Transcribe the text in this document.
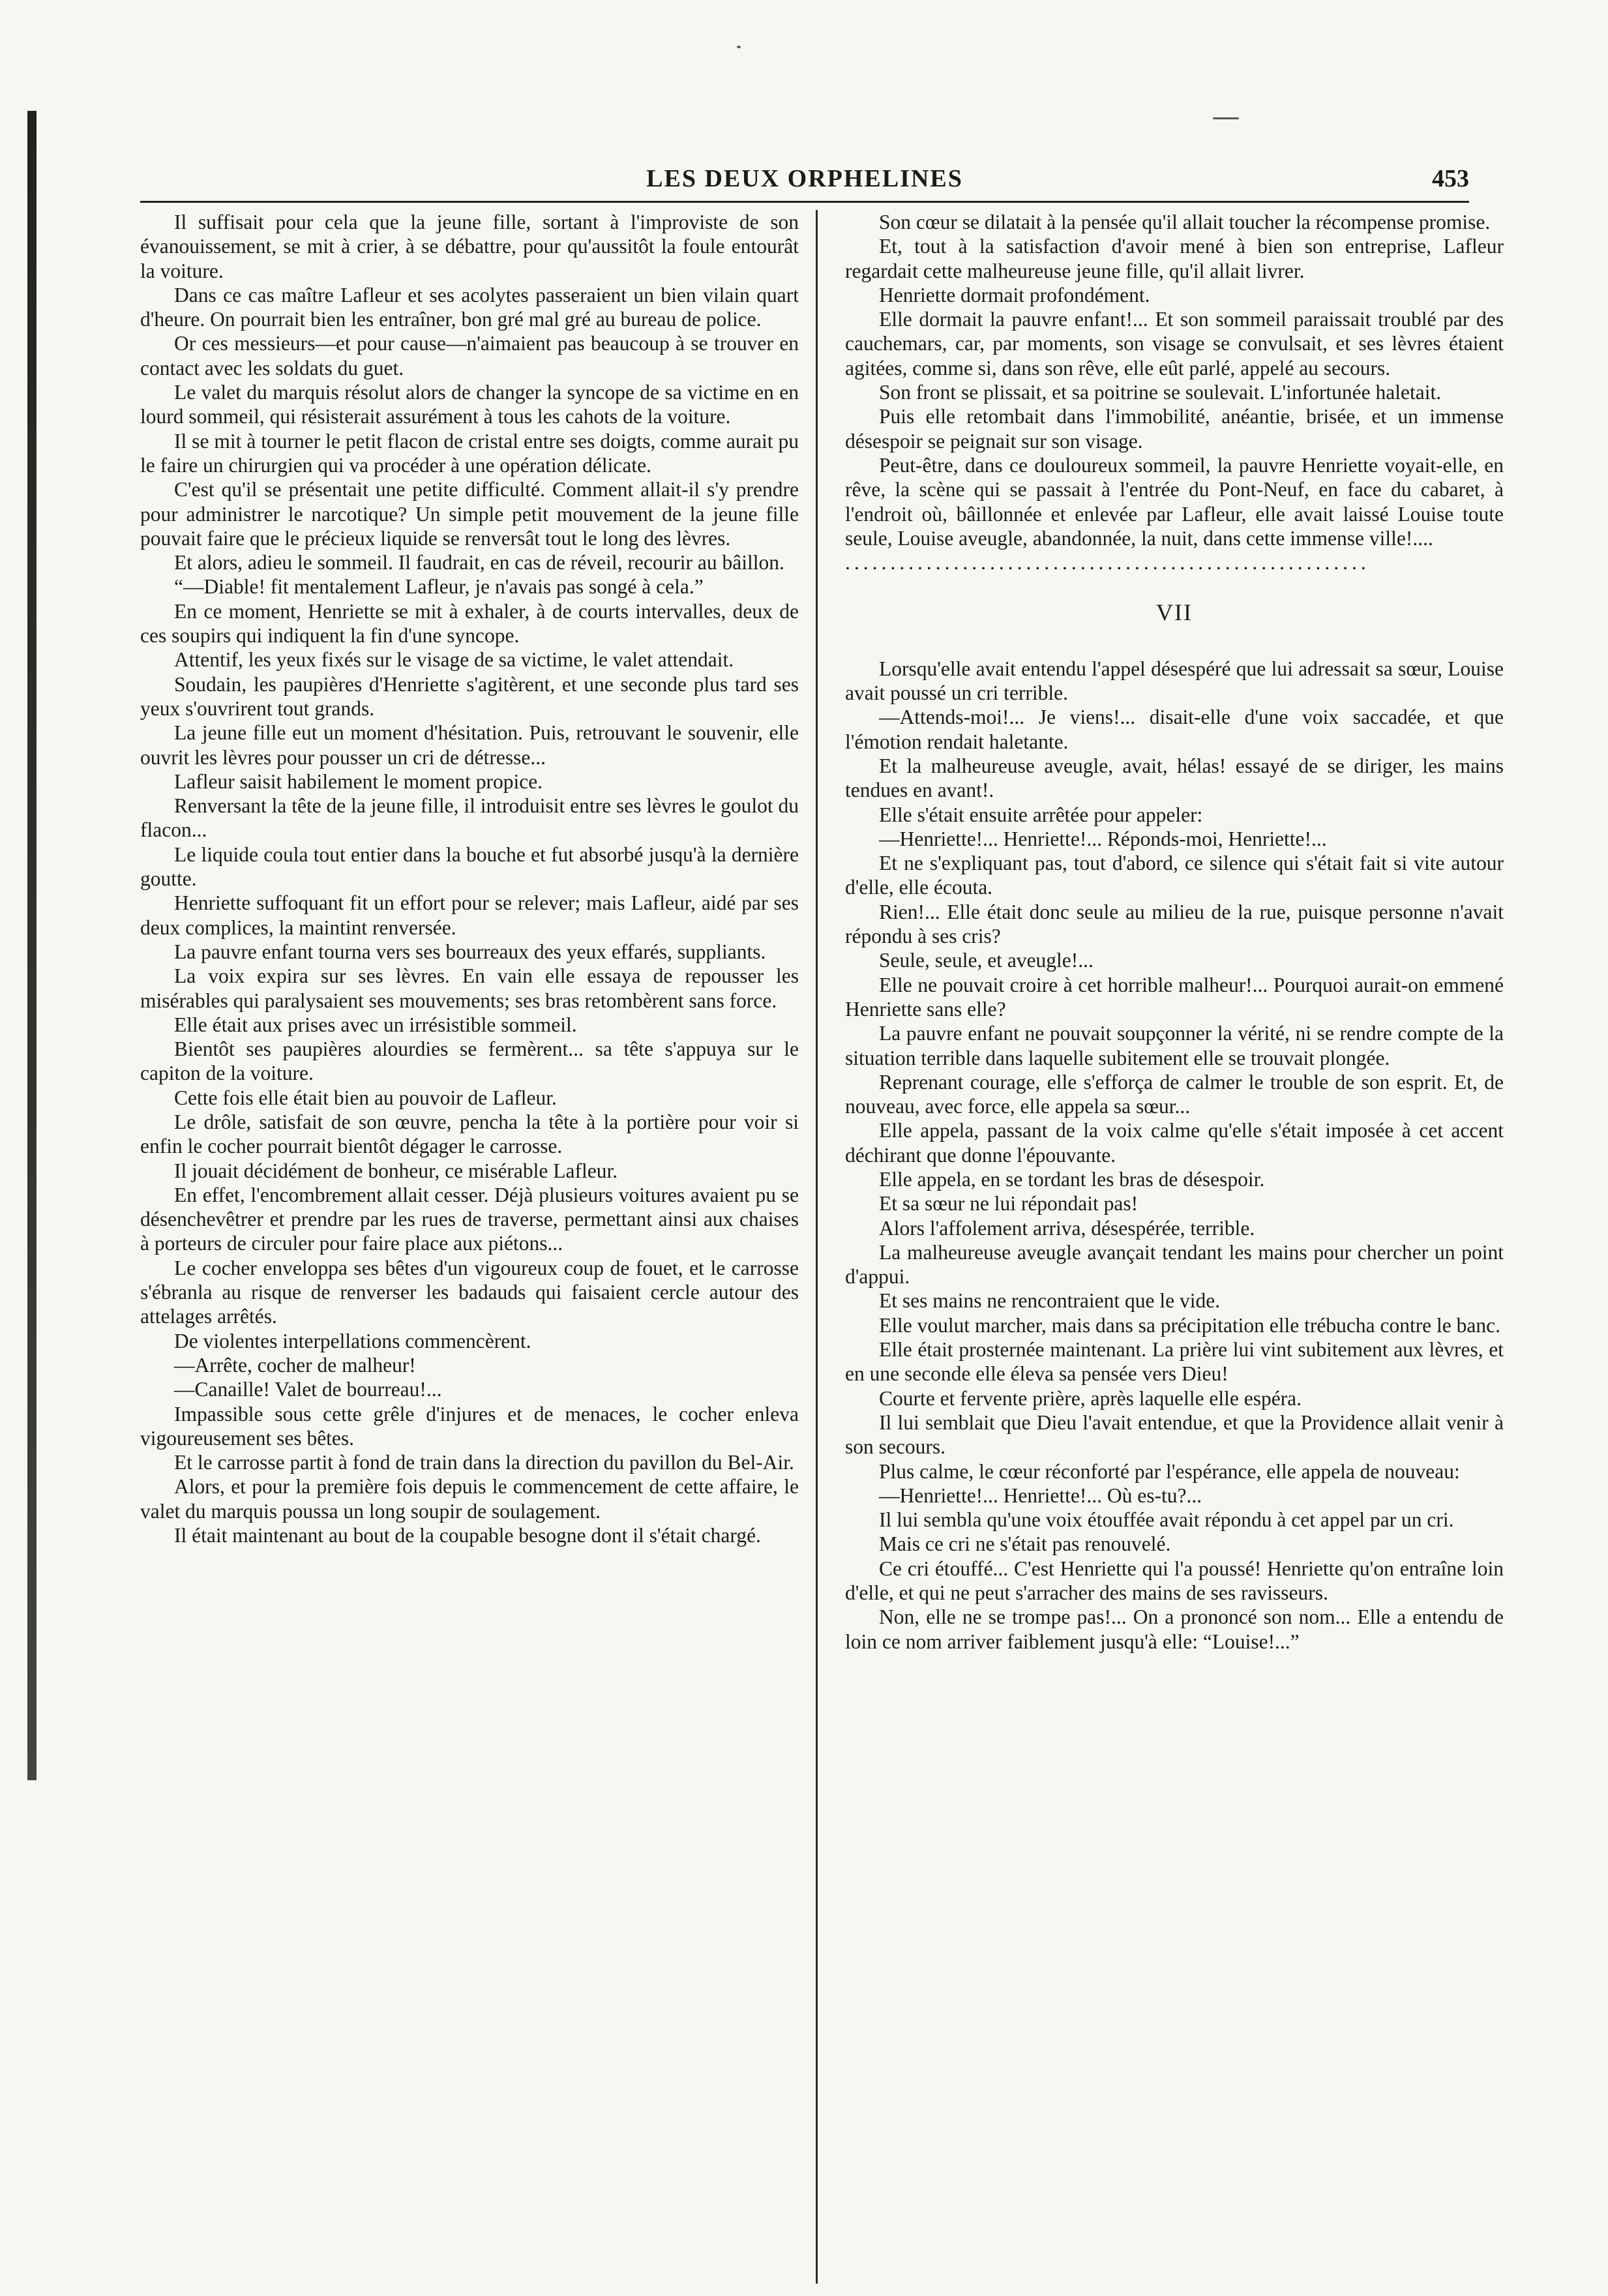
LES DEUX ORPHELINES	453

Il suffisait pour cela que la jeune fille, sortant à l'improviste de son évanouissement, se mit à crier, à se débattre, pour qu'aussitôt la foule entourât la voiture.

Dans ce cas maître Lafleur et ses acolytes passeraient un bien vilain quart d'heure. On pourrait bien les entraîner, bon gré mal gré au bureau de police.

Or ces messieurs—et pour cause—n'aimaient pas beaucoup à se trouver en contact avec les soldats du guet.

Le valet du marquis résolut alors de changer la syncope de sa victime en en lourd sommeil, qui résisterait assurément à tous les cahots de la voiture.

Il se mit à tourner le petit flacon de cristal entre ses doigts, comme aurait pu le faire un chirurgien qui va procéder à une opération délicate.

C'est qu'il se présentait une petite difficulté. Comment allait-il s'y prendre pour administrer le narcotique? Un simple petit mouvement de la jeune fille pouvait faire que le précieux liquide se renversât tout le long des lèvres.

Et alors, adieu le sommeil. Il faudrait, en cas de réveil, recourir au bâillon.

“—Diable! fit mentalement Lafleur, je n'avais pas songé à cela.”

En ce moment, Henriette se mit à exhaler, à de courts intervalles, deux de ces soupirs qui indiquent la fin d'une syncope.

Attentif, les yeux fixés sur le visage de sa victime, le valet attendait.

Soudain, les paupières d'Henriette s'agitèrent, et une seconde plus tard ses yeux s'ouvrirent tout grands.

La jeune fille eut un moment d'hésitation. Puis, retrouvant le souvenir, elle ouvrit les lèvres pour pousser un cri de détresse...

Lafleur saisit habilement le moment propice.

Renversant la tête de la jeune fille, il introduisit entre ses lèvres le goulot du flacon...

Le liquide coula tout entier dans la bouche et fut absorbé jusqu'à la dernière goutte.

Henriette suffoquant fit un effort pour se relever; mais Lafleur, aidé par ses deux complices, la maintint renversée.

La pauvre enfant tourna vers ses bourreaux des yeux effarés, suppliants.

La voix expira sur ses lèvres. En vain elle essaya de repousser les misérables qui paralysaient ses mouvements; ses bras retombèrent sans force.

Elle était aux prises avec un irrésistible sommeil.

Bientôt ses paupières alourdies se fermèrent... sa tête s'appuya sur le capiton de la voiture.

Cette fois elle était bien au pouvoir de Lafleur.

Le drôle, satisfait de son œuvre, pencha la tête à la portière pour voir si enfin le cocher pourrait bientôt dégager le carrosse.

Il jouait décidément de bonheur, ce misérable Lafleur.

En effet, l'encombrement allait cesser. Déjà plusieurs voitures avaient pu se désenchevêtrer et prendre par les rues de traverse, permettant ainsi aux chaises à porteurs de circuler pour faire place aux piétons...

Le cocher enveloppa ses bêtes d'un vigoureux coup de fouet, et le carrosse s'ébranla au risque de renverser les badauds qui faisaient cercle autour des attelages arrêtés.

De violentes interpellations commencèrent.

—Arrête, cocher de malheur!

—Canaille! Valet de bourreau!...

Impassible sous cette grêle d'injures et de menaces, le cocher enleva vigoureusement ses bêtes.

Et le carrosse partit à fond de train dans la direction du pavillon du Bel-Air.

Alors, et pour la première fois depuis le commencement de cette affaire, le valet du marquis poussa un long soupir de soulagement.

Il était maintenant au bout de la coupable besogne dont il s'était chargé.

Son cœur se dilatait à la pensée qu'il allait toucher la récompense promise.

Et, tout à la satisfaction d'avoir mené à bien son entreprise, Lafleur regardait cette malheureuse jeune fille, qu'il allait livrer.

Henriette dormait profondément.

Elle dormait la pauvre enfant!... Et son sommeil paraissait troublé par des cauchemars, car, par moments, son visage se convulsait, et ses lèvres étaient agitées, comme si, dans son rêve, elle eût parlé, appelé au secours.

Son front se plissait, et sa poitrine se soulevait. L'infortunée haletait.

Puis elle retombait dans l'immobilité, anéantie, brisée, et un immense désespoir se peignait sur son visage.

Peut-être, dans ce douloureux sommeil, la pauvre Henriette voyait-elle, en rêve, la scène qui se passait à l'entrée du Pont-Neuf, en face du cabaret, à l'endroit où, bâillonnée et enlevée par Lafleur, elle avait laissé Louise toute seule, Louise aveugle, abandonnée, la nuit, dans cette immense ville!....

..........................................................

VII

Lorsqu'elle avait entendu l'appel désespéré que lui adressait sa sœur, Louise avait poussé un cri terrible.

—Attends-moi!... Je viens!... disait-elle d'une voix saccadée, et que l'émotion rendait haletante.

Et la malheureuse aveugle, avait, hélas! essayé de se diriger, les mains tendues en avant!.

Elle s'était ensuite arrêtée pour appeler:

—Henriette!... Henriette!... Réponds-moi, Henriette!...

Et ne s'expliquant pas, tout d'abord, ce silence qui s'était fait si vite autour d'elle, elle écouta.

Rien!... Elle était donc seule au milieu de la rue, puisque personne n'avait répondu à ses cris?

Seule, seule, et aveugle!...

Elle ne pouvait croire à cet horrible malheur!... Pourquoi aurait-on emmené Henriette sans elle?

La pauvre enfant ne pouvait soupçonner la vérité, ni se rendre compte de la situation terrible dans laquelle subitement elle se trouvait plongée.

Reprenant courage, elle s'efforça de calmer le trouble de son esprit. Et, de nouveau, avec force, elle appela sa sœur...

Elle appela, passant de la voix calme qu'elle s'était imposée à cet accent déchirant que donne l'épouvante.

Elle appela, en se tordant les bras de désespoir.

Et sa sœur ne lui répondait pas!

Alors l'affolement arriva, désespérée, terrible.

La malheureuse aveugle avançait tendant les mains pour chercher un point d'appui.

Et ses mains ne rencontraient que le vide.

Elle voulut marcher, mais dans sa précipitation elle trébucha contre le banc.

Elle était prosternée maintenant. La prière lui vint subitement aux lèvres, et en une seconde elle éleva sa pensée vers Dieu!

Courte et fervente prière, après laquelle elle espéra.

Il lui semblait que Dieu l'avait entendue, et que la Providence allait venir à son secours.

Plus calme, le cœur réconforté par l'espérance, elle appela de nouveau:

—Henriette!... Henriette!... Où es-tu?...

Il lui sembla qu'une voix étouffée avait répondu à cet appel par un cri.

Mais ce cri ne s'était pas renouvelé.

Ce cri étouffé... C'est Henriette qui l'a poussé! Henriette qu'on entraîne loin d'elle, et qui ne peut s'arracher des mains de ses ravisseurs.

Non, elle ne se trompe pas!... On a prononcé son nom... Elle a entendu de loin ce nom arriver faiblement jusqu'à elle: “Louise!...”
